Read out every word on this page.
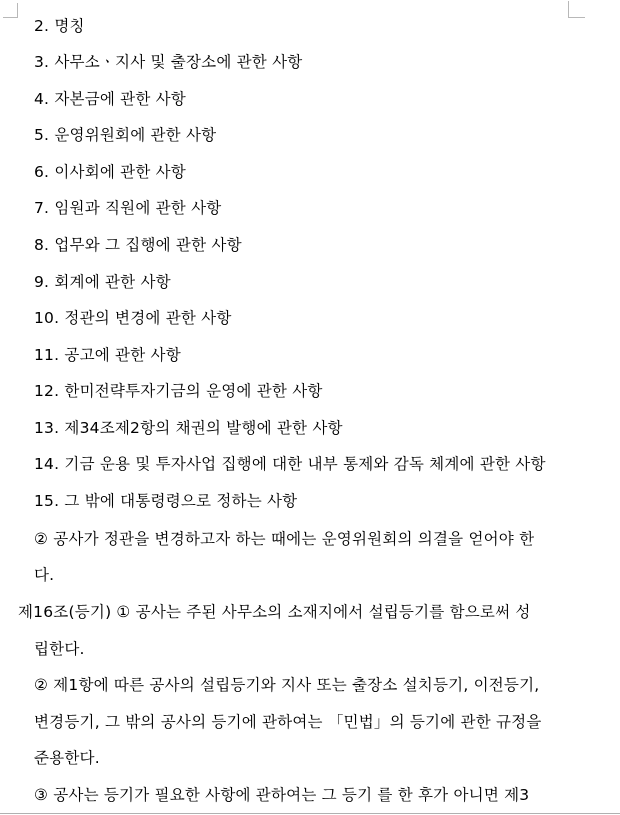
2. 명칭
3. 사무소ㆍ지사 및 출장소에 관한 사항
4. 자본금에 관한 사항
5. 운영위원회에 관한 사항
6. 이사회에 관한 사항
7. 임원과 직원에 관한 사항
8. 업무와 그 집행에 관한 사항
9. 회계에 관한 사항
10. 정관의 변경에 관한 사항
11. 공고에 관한 사항
12. 한미전략투자기금의 운영에 관한 사항
13. 제34조제2항의 채권의 발행에 관한 사항
14. 기금 운용 및 투자사업 집행에 대한 내부 통제와 감독 체계에 관한 사항
15. 그 밖에 대통령령으로 정하는 사항
② 공사가 정관을 변경하고자 하는 때에는 운영위원회의 의결을 얻어야 한
다.
제16조(등기) ① 공사는 주된 사무소의 소재지에서 설립등기를 함으로써 성
립한다.
② 제1항에 따른 공사의 설립등기와 지사 또는 출장소 설치등기, 이전등기,
변경등기, 그 밖의 공사의 등기에 관하여는 「민법」의 등기에 관한 규정을
준용한다.
③ 공사는 등기가 필요한 사항에 관하여는 그 등기 를 한 후가 아니면 제3
